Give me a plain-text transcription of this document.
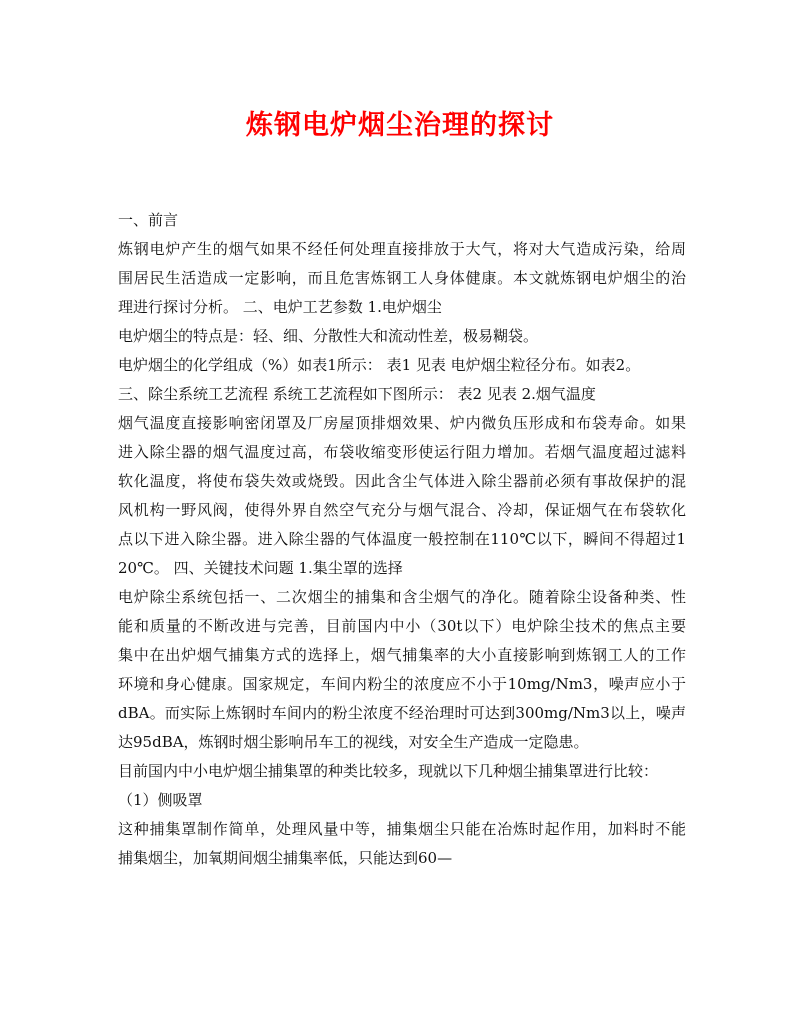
炼钢电炉烟尘治理的探讨
一、前言
炼钢电炉产生的烟气如果不经任何处理直接排放于大气，将对大气造成污染，给周
围居民生活造成一定影响，而且危害炼钢工人身体健康。本文就炼钢电炉烟尘的治
理进行探讨分析。 二、电炉工艺参数 1.电炉烟尘
电炉烟尘的特点是：轻、细、分散性大和流动性差，极易糊袋。
电炉烟尘的化学组成（%）如表1所示： 表1 见表 电炉烟尘粒径分布。如表2。
三、除尘系统工艺流程 系统工艺流程如下图所示： 表2 见表 2.烟气温度
烟气温度直接影响密闭罩及厂房屋顶排烟效果、炉内微负压形成和布袋寿命。如果
进入除尘器的烟气温度过高，布袋收缩变形使运行阻力增加。若烟气温度超过滤料
软化温度，将使布袋失效或烧毁。因此含尘气体进入除尘器前必须有事故保护的混
风机构一野风阀，使得外界自然空气充分与烟气混合、冷却，保证烟气在布袋软化
点以下进入除尘器。进入除尘器的气体温度一般控制在110℃以下，瞬间不得超过1
20℃。 四、关键技术问题 1.集尘罩的选择
电炉除尘系统包括一、二次烟尘的捕集和含尘烟气的净化。随着除尘设备种类、性
能和质量的不断改进与完善，目前国内中小（30t以下）电炉除尘技术的焦点主要
集中在出炉烟气捕集方式的选择上，烟气捕集率的大小直接影响到炼钢工人的工作
环境和身心健康。国家规定，车间内粉尘的浓度应不小于10mg/Nm3，噪声应小于
dBA。而实际上炼钢时车间内的粉尘浓度不经治理时可达到300mg/Nm3以上，噪声
达95dBA，炼钢时烟尘影响吊车工的视线，对安全生产造成一定隐患。
目前国内中小电炉烟尘捕集罩的种类比较多，现就以下几种烟尘捕集罩进行比较：
（1）侧吸罩
这种捕集罩制作简单，处理风量中等，捕集烟尘只能在冶炼时起作用，加料时不能
捕集烟尘，加氧期间烟尘捕集率低，只能达到60—
